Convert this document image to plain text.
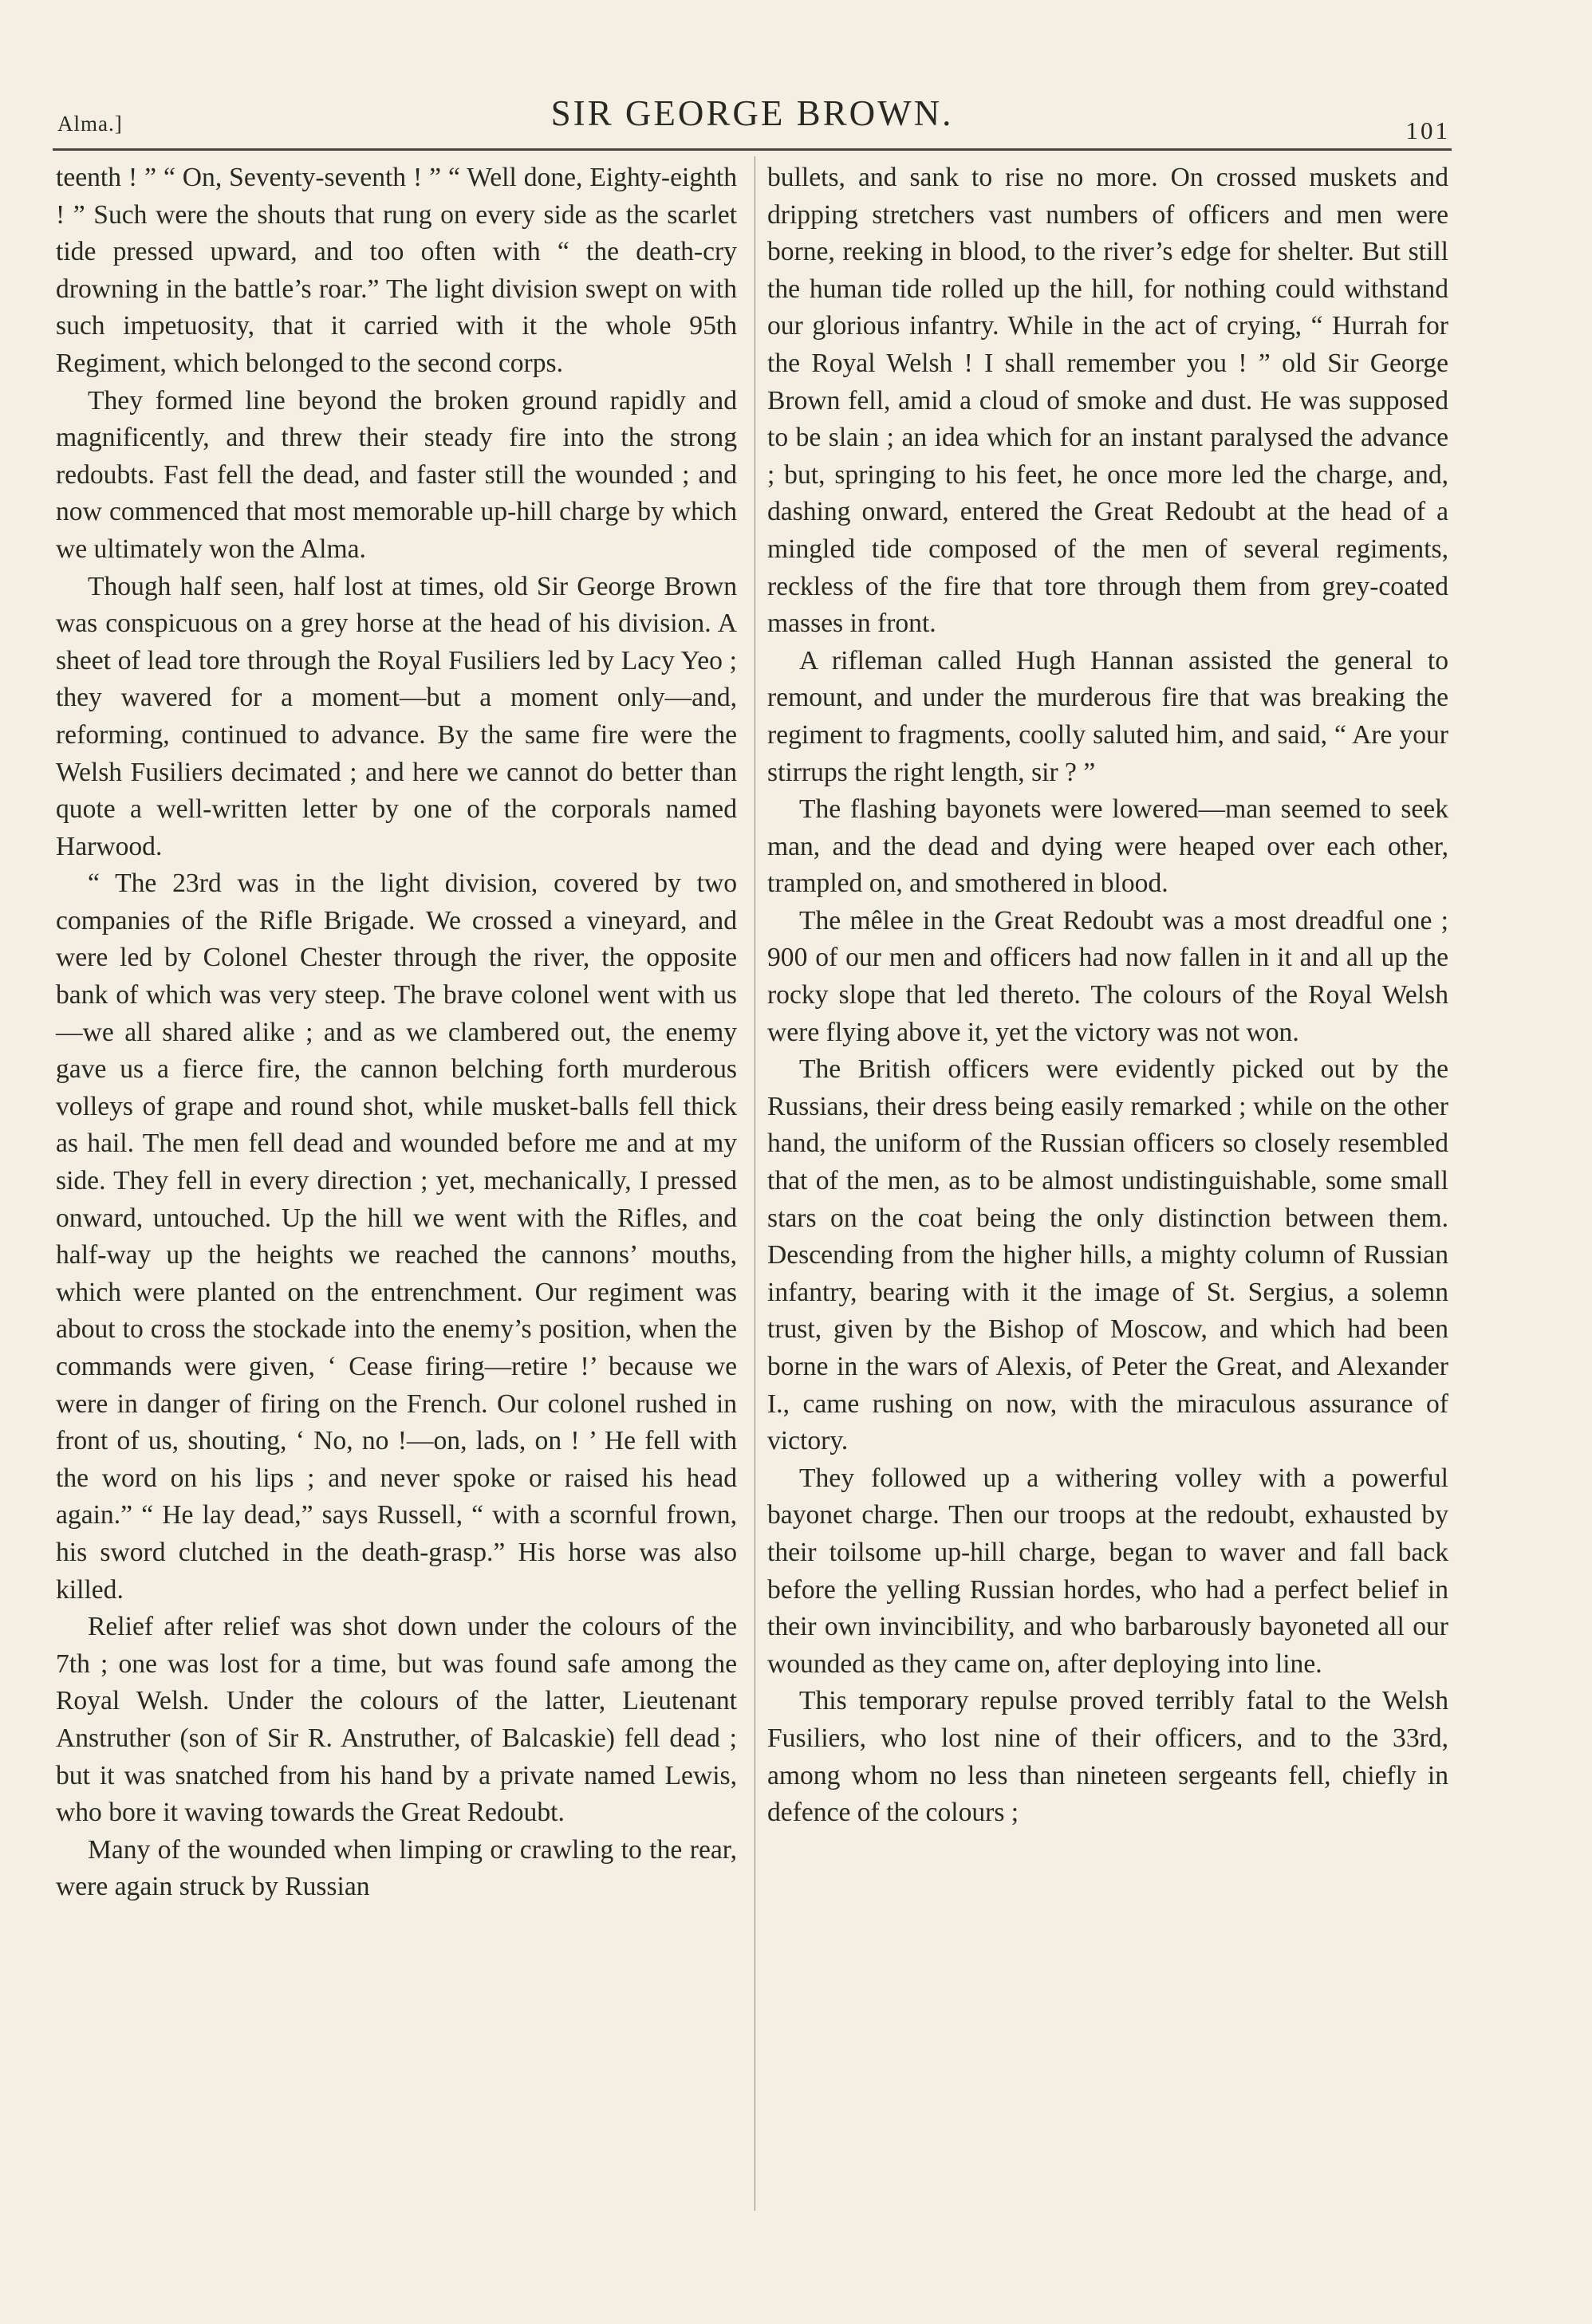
Alma.]	SIR GEORGE BROWN.	101

teenth ! ” “ On, Seventy-seventh ! ” “ Well done, Eighty-eighth ! ” Such were the shouts that rung on every side as the scarlet tide pressed upward, and too often with “ the death-cry drowning in the battle’s roar.” The light division swept on with such impetuosity, that it carried with it the whole 95th Regiment, which belonged to the second corps.

They formed line beyond the broken ground rapidly and magnificently, and threw their steady fire into the strong redoubts. Fast fell the dead, and faster still the wounded ; and now commenced that most memorable up-hill charge by which we ultimately won the Alma.

Though half seen, half lost at times, old Sir George Brown was conspicuous on a grey horse at the head of his division. A sheet of lead tore through the Royal Fusiliers led by Lacy Yeo ; they wavered for a moment—but a moment only—and, reforming, continued to advance. By the same fire were the Welsh Fusiliers decimated ; and here we cannot do better than quote a well-written letter by one of the corporals named Harwood.

“ The 23rd was in the light division, covered by two companies of the Rifle Brigade. We crossed a vineyard, and were led by Colonel Chester through the river, the opposite bank of which was very steep. The brave colonel went with us—we all shared alike ; and as we clambered out, the enemy gave us a fierce fire, the cannon belching forth murderous volleys of grape and round shot, while musket-balls fell thick as hail. The men fell dead and wounded before me and at my side. They fell in every direction ; yet, mechanically, I pressed onward, untouched. Up the hill we went with the Rifles, and half-way up the heights we reached the cannons’ mouths, which were planted on the entrenchment. Our regiment was about to cross the stockade into the enemy’s position, when the commands were given, ‘ Cease firing—retire !’ because we were in danger of firing on the French. Our colonel rushed in front of us, shouting, ‘ No, no !—on, lads, on ! ’ He fell with the word on his lips ; and never spoke or raised his head again.” “ He lay dead,” says Russell, “ with a scornful frown, his sword clutched in the death-grasp.” His horse was also killed.

Relief after relief was shot down under the colours of the 7th ; one was lost for a time, but was found safe among the Royal Welsh. Under the colours of the latter, Lieutenant Anstruther (son of Sir R. Anstruther, of Balcaskie) fell dead ; but it was snatched from his hand by a private named Lewis, who bore it waving towards the Great Redoubt.

Many of the wounded when limping or crawling to the rear, were again struck by Russian

bullets, and sank to rise no more. On crossed muskets and dripping stretchers vast numbers of officers and men were borne, reeking in blood, to the river’s edge for shelter. But still the human tide rolled up the hill, for nothing could withstand our glorious infantry. While in the act of crying, “ Hurrah for the Royal Welsh ! I shall remember you ! ” old Sir George Brown fell, amid a cloud of smoke and dust. He was supposed to be slain ; an idea which for an instant paralysed the advance ; but, springing to his feet, he once more led the charge, and, dashing onward, entered the Great Redoubt at the head of a mingled tide composed of the men of several regiments, reckless of the fire that tore through them from grey-coated masses in front.

A rifleman called Hugh Hannan assisted the general to remount, and under the murderous fire that was breaking the regiment to fragments, coolly saluted him, and said, “ Are your stirrups the right length, sir ? ”

The flashing bayonets were lowered—man seemed to seek man, and the dead and dying were heaped over each other, trampled on, and smothered in blood.

The mêlee in the Great Redoubt was a most dreadful one ; 900 of our men and officers had now fallen in it and all up the rocky slope that led thereto. The colours of the Royal Welsh were flying above it, yet the victory was not won.

The British officers were evidently picked out by the Russians, their dress being easily remarked ; while on the other hand, the uniform of the Russian officers so closely resembled that of the men, as to be almost undistinguishable, some small stars on the coat being the only distinction between them. Descending from the higher hills, a mighty column of Russian infantry, bearing with it the image of St. Sergius, a solemn trust, given by the Bishop of Moscow, and which had been borne in the wars of Alexis, of Peter the Great, and Alexander I., came rushing on now, with the miraculous assurance of victory.

They followed up a withering volley with a powerful bayonet charge. Then our troops at the redoubt, exhausted by their toilsome up-hill charge, began to waver and fall back before the yelling Russian hordes, who had a perfect belief in their own invincibility, and who barbarously bayoneted all our wounded as they came on, after deploying into line.

This temporary repulse proved terribly fatal to the Welsh Fusiliers, who lost nine of their officers, and to the 33rd, among whom no less than nineteen sergeants fell, chiefly in defence of the colours ;
